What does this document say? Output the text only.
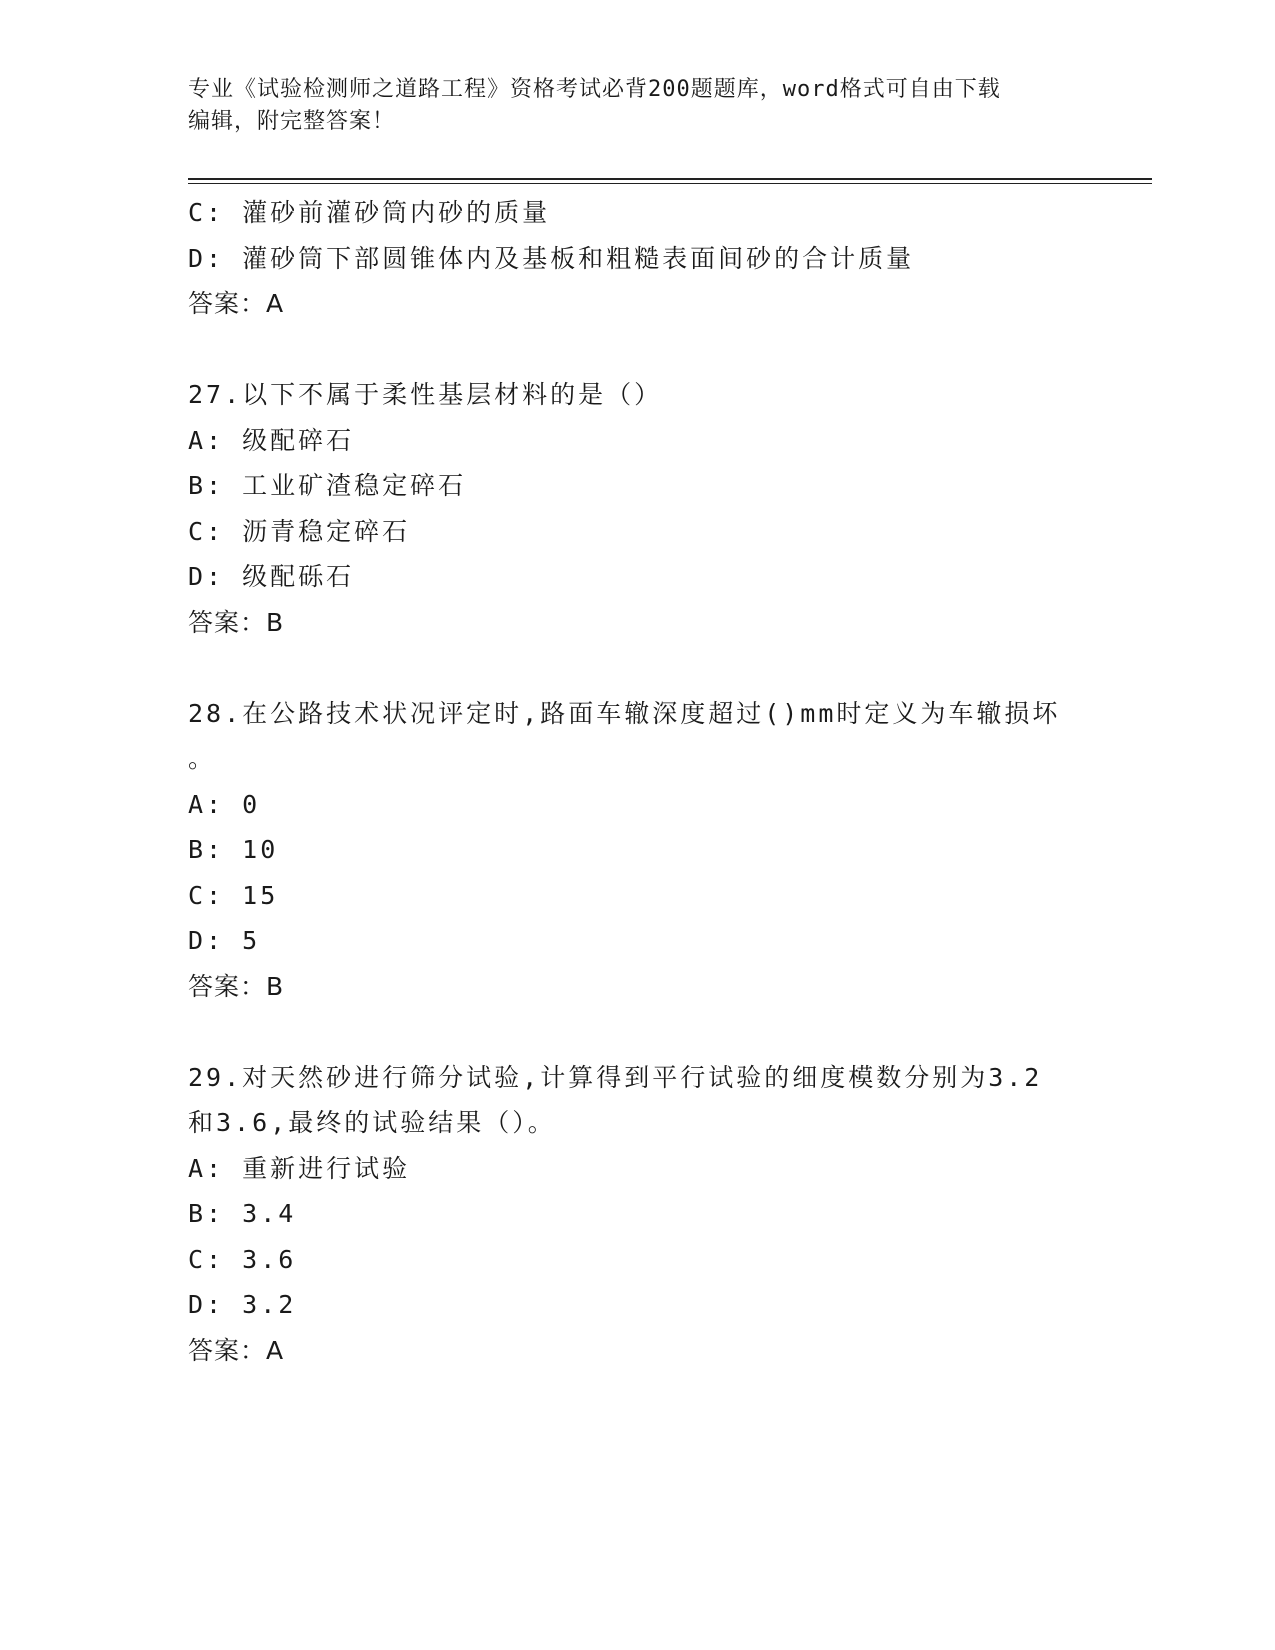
专业《试验检测师之道路工程》资格考试必背200题题库，word格式可自由下载
编辑，附完整答案！
C: 灌砂前灌砂筒内砂的质量
D: 灌砂筒下部圆锥体内及基板和粗糙表面间砂的合计质量
答案：A
27.以下不属于柔性基层材料的是（）
A: 级配碎石
B: 工业矿渣稳定碎石
C: 沥青稳定碎石
D: 级配砾石
答案：B
28.在公路技术状况评定时,路面车辙深度超过()mm时定义为车辙损坏
。
A: 0
B: 10
C: 15
D: 5
答案：B
29.对天然砂进行筛分试验,计算得到平行试验的细度模数分别为3.2
和3.6,最终的试验结果（）。
A: 重新进行试验
B: 3.4
C: 3.6
D: 3.2
答案：A
